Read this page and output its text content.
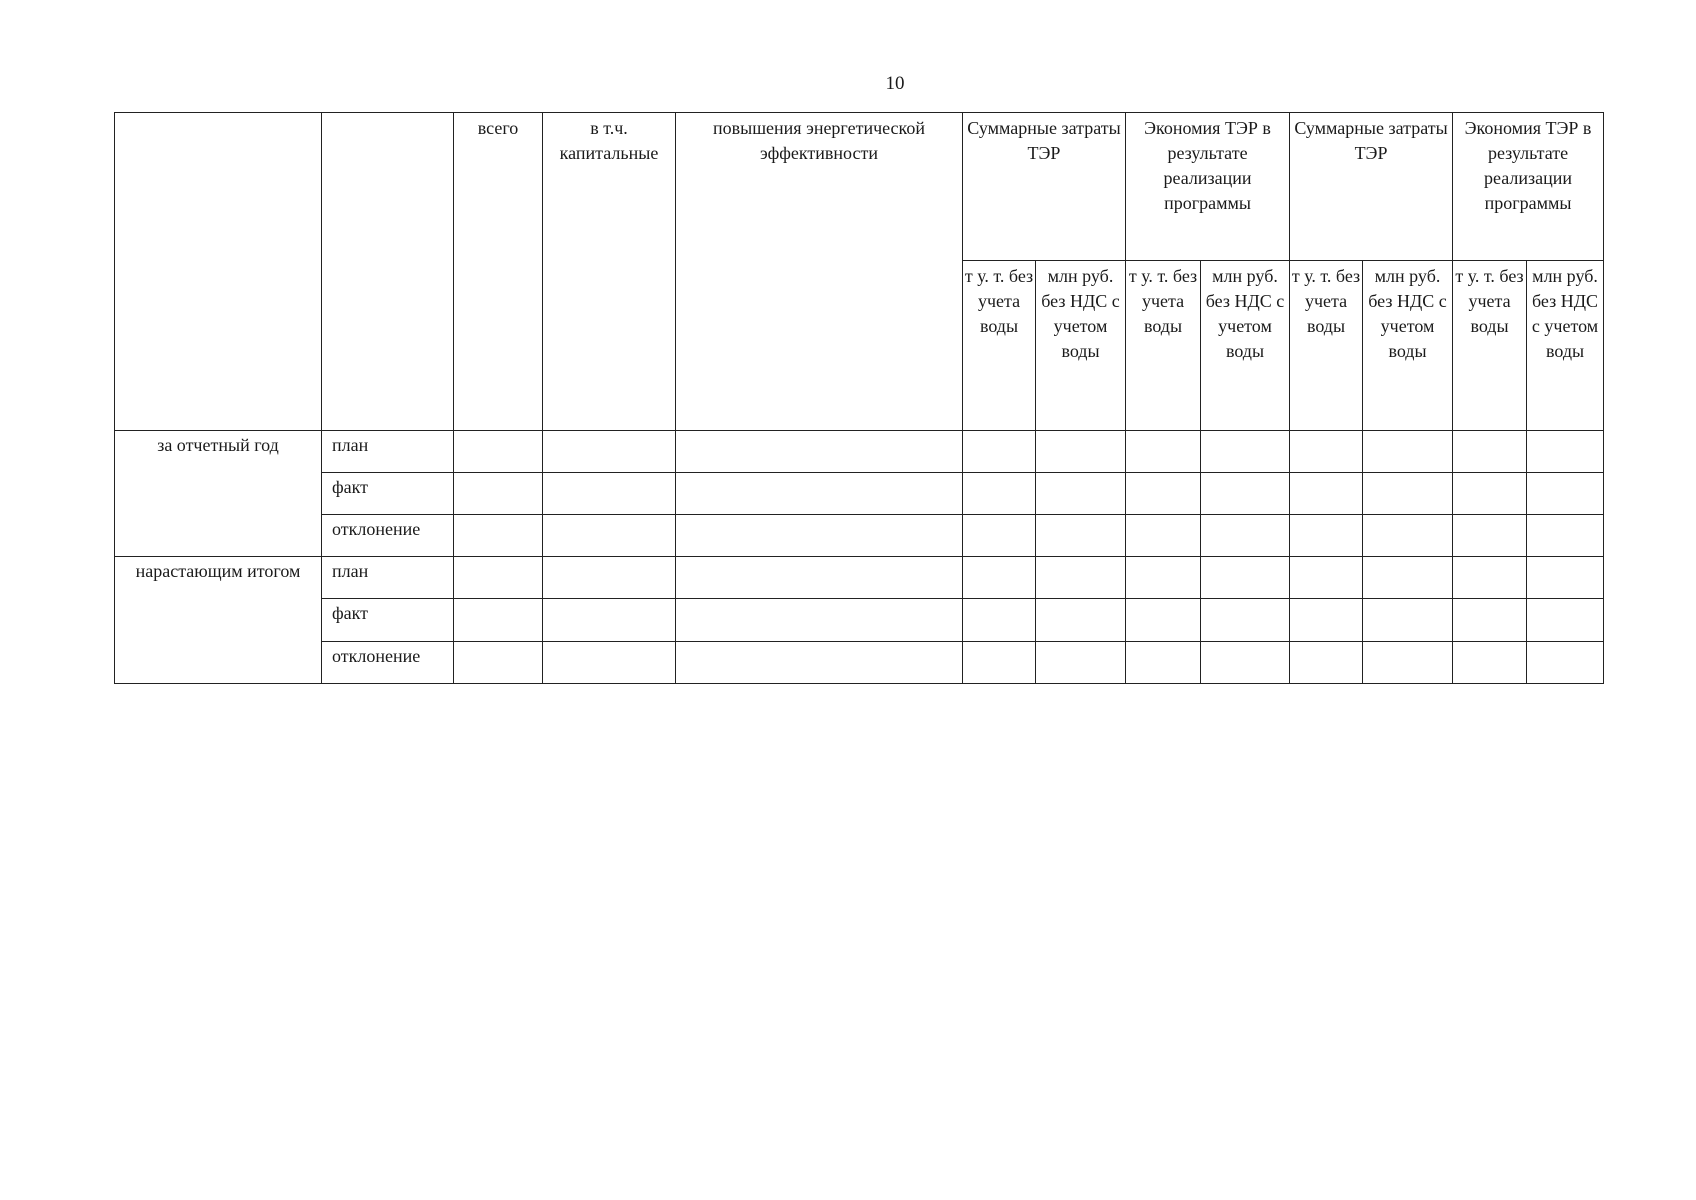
10
		всего	в т.ч. капитальные	повышения энергетической эффективности	Суммарные затраты ТЭР		Экономия ТЭР в результате реализации программы		Суммарные затраты ТЭР		Экономия ТЭР в результате реализации программы	
					т у. т. без учета воды	млн руб. без НДС с учетом воды	т у. т. без учета воды	млн руб. без НДС с учетом воды	т у. т. без учета воды	млн руб. без НДС с учетом воды	т у. т. без учета воды	млн руб. без НДС с учетом воды
за отчетный год	план											
	факт											
	отклонение											
нарастающим итогом	план											
	факт											
	отклонение											
